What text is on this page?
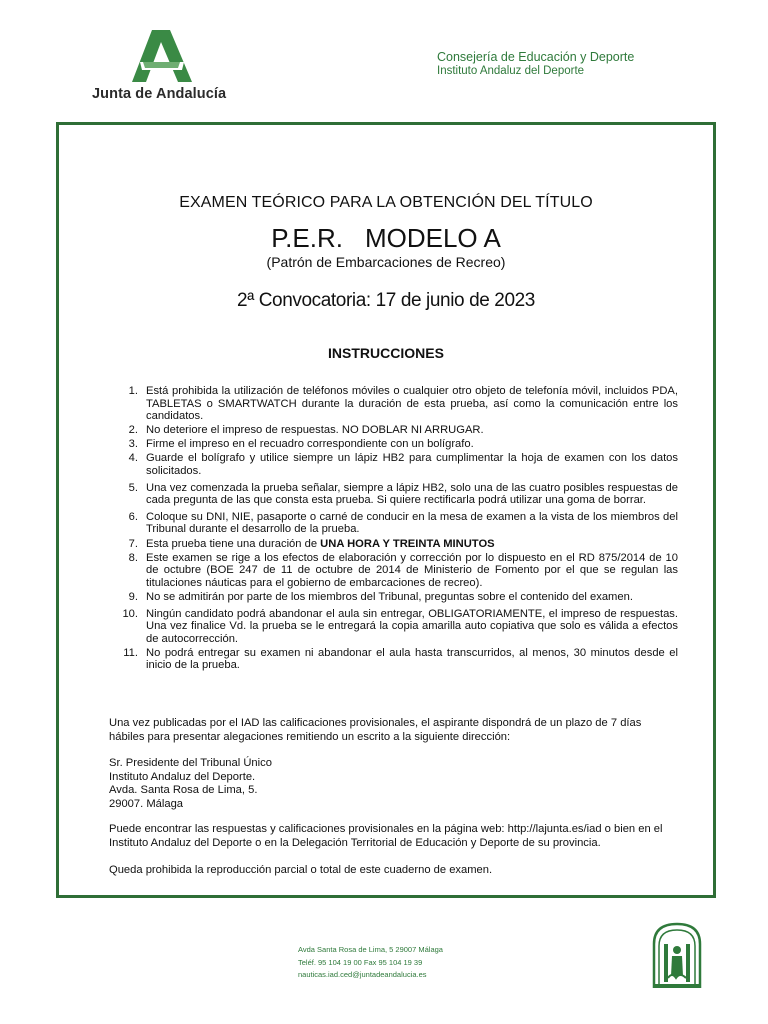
Junta de Andalucía
Consejería de Educación y Deporte
Instituto Andaluz del Deporte
EXAMEN TEÓRICO PARA LA OBTENCIÓN DEL TÍTULO
P.E.R. MODELO A
(Patrón de Embarcaciones de Recreo)
2ª Convocatoria: 17 de junio de 2023
INSTRUCCIONES
1 . Está prohibida la utilización de teléfonos móviles o cualquier otro objeto de telefonía móvil, incluidos PDA, TABLETAS o SMARTWATCH durante la duración de esta prueba, así como la comunicación entre los candidatos.
2 . No deteriore el impreso de respuestas. NO DOBLAR NI ARRUGAR.
3 . Firme el impreso en el recuadro correspondiente con un bolígrafo.
4 . Guarde el bolígrafo y utilice siempre un lápiz HB2 para cumplimentar la hoja de examen con los datos solicitados.
5 . Una vez comenzada la prueba señalar, siempre a lápiz HB2, solo una de las cuatro posibles respuestas de cada pregunta de las que consta esta prueba. Si quiere rectificarla podrá utilizar una goma de borrar.
6 . Coloque su DNI, NIE, pasaporte o carné de conducir en la mesa de examen a la vista de los miembros del Tribunal durante el desarrollo de la prueba.
7 . Esta prueba tiene una duración de UNA HORA Y TREINTA MINUTOS
8 . Este examen se rige a los efectos de elaboración y corrección por lo dispuesto en el RD 875/2014 de 10 de octubre (BOE 247 de 11 de octubre de 2014 de Ministerio de Fomento por el que se regulan las titulaciones náuticas para el gobierno de embarcaciones de recreo).
9 . No se admitirán por parte de los miembros del Tribunal, preguntas sobre el contenido del examen.
10 . Ningún candidato podrá abandonar el aula sin entregar, OBLIGATORIAMENTE, el impreso de respuestas. Una vez finalice Vd. la prueba se le entregará la copia amarilla auto copiativa que solo es válida a efectos de autocorrección.
11 . No podrá entregar su examen ni abandonar el aula hasta transcurridos, al menos, 30 minutos desde el inicio de la prueba.
Una vez publicadas por el IAD las calificaciones provisionales, el aspirante dispondrá de un plazo de 7 días hábiles para presentar alegaciones remitiendo un escrito a la siguiente dirección:
Sr. Presidente del Tribunal Único
Instituto Andaluz del Deporte.
Avda. Santa Rosa de Lima, 5.
29007. Málaga
Puede encontrar las respuestas y calificaciones provisionales en la página web: http://lajunta.es/iad o bien en el Instituto Andaluz del Deporte o en la Delegación Territorial de Educación y Deporte de su provincia.
Queda prohibida la reproducción parcial o total de este cuaderno de examen.
Avda Santa Rosa de Lima, 5 29007 Málaga
Teléf. 95 104 19 00 Fax 95 104 19 39
nauticas.iad.ced@juntadeandalucia.es
